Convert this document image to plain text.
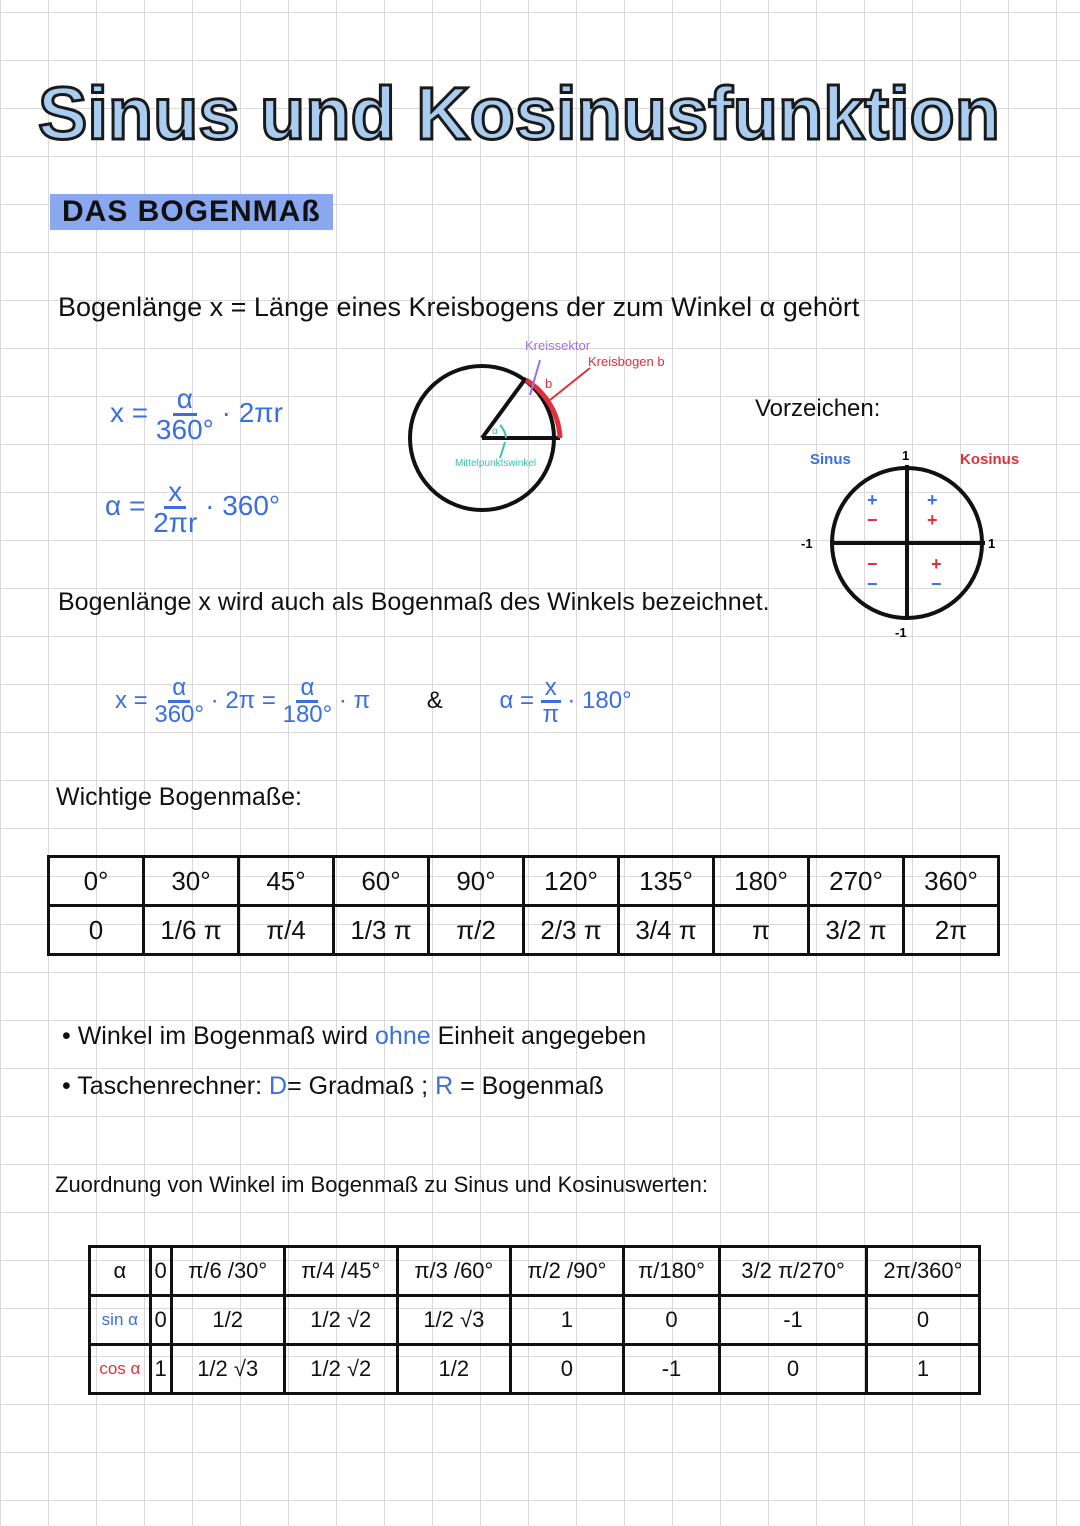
Sinus und Kosinusfunktion
DAS BOGENMAß
Bogenlänge x = Länge eines Kreisbogens der zum Winkel α gehört
$x = \frac{\alpha}{360^\circ} \cdot 2\pi r$
$\alpha = \frac{x}{2\pi r} \cdot 360^\circ$
Kreissektor
Kreisbogen b
b
α
Mittelpunktswinkel
Vorzeichen:
Sinus	Kosinus
1
-1	1
-1
+
−
+
+
−
−
+
−
Bogenlänge x wird auch als Bogenmaß des Winkels bezeichnet.
$x = \frac{\alpha}{360^\circ} \cdot 2\pi = \frac{\alpha}{180^\circ} \cdot \pi$ & $\alpha = \frac{x}{\pi} \cdot 180^\circ$
Wichtige Bogenmaße:
0°	30°	45°	60°	90°	120°	135°	180°	270°	360°
0	1/6 π	π/4	1/3 π	π/2	2/3 π	3/4 π	π	3/2 π	2π
• Winkel im Bogenmaß wird ohne Einheit angegeben
• Taschenrechner: D= Gradmaß ; R = Bogenmaß
Zuordnung von Winkel im Bogenmaß zu Sinus und Kosinuswerten:
α	0	π/6 /30°	π/4 /45°	π/3 /60°	π/2 /90°	π/180°	3/2 π/270°	2π/360°
sin α	0	1/2	1/2 √2	1/2 √3	1	0	-1	0
cos α	1	1/2 √3	1/2 √2	1/2	0	-1	0	1
